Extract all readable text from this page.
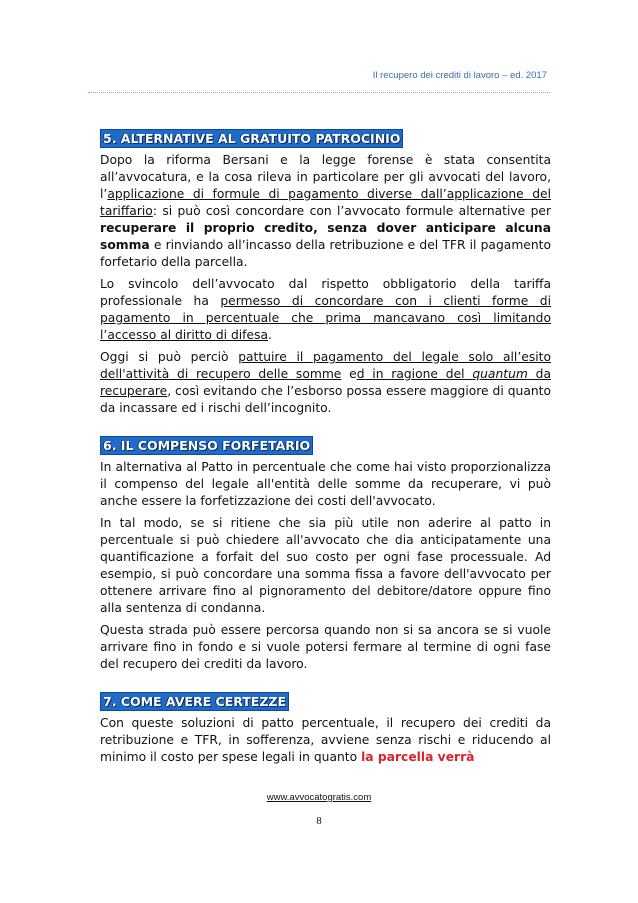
Il recupero dei crediti di lavoro – ed. 2017
5. ALTERNATIVE AL GRATUITO PATROCINIO

Dopo la riforma Bersani e la legge forense è stata consentita all’avvocatura, e la cosa rileva in particolare per gli avvocati del lavoro, l’applicazione di formule di pagamento diverse dall’applicazione del tariffario: si può così concordare con l’avvocato formule alternative per recuperare il proprio credito, senza dover anticipare alcuna somma e rinviando all’incasso della retribuzione e del TFR il pagamento forfetario della parcella.

Lo svincolo dell’avvocato dal rispetto obbligatorio della tariffa professionale ha permesso di concordare con i clienti forme di pagamento in percentuale che prima mancavano così limitando l’accesso al diritto di difesa.

Oggi si può perciò pattuire il pagamento del legale solo all’esito dell'attività di recupero delle somme ed in ragione del quantum da recuperare, così evitando che l’esborso possa essere maggiore di quanto da incassare ed i rischi dell’incognito.

6. IL COMPENSO FORFETARIO

In alternativa al Patto in percentuale che come hai visto proporzionalizza il compenso del legale all'entità delle somme da recuperare, vi può anche essere la forfetizzazione dei costi dell'avvocato.

In tal modo, se si ritiene che sia più utile non aderire al patto in percentuale si può chiedere all'avvocato che dia anticipatamente una quantificazione a forfait del suo costo per ogni fase processuale. Ad esempio, si può concordare una somma fissa a favore dell'avvocato per ottenere arrivare fino al pignoramento del debitore/datore oppure fino alla sentenza di condanna.

Questa strada può essere percorsa quando non si sa ancora se si vuole arrivare fino in fondo e si vuole potersi fermare al termine di ogni fase del recupero dei crediti da lavoro.

7. COME AVERE CERTEZZE

Con queste soluzioni di patto percentuale, il recupero dei crediti da retribuzione e TFR, in sofferenza, avviene senza rischi e riducendo al minimo il costo per spese legali in quanto la parcella verrà

www.avvocatogratis.com
8
